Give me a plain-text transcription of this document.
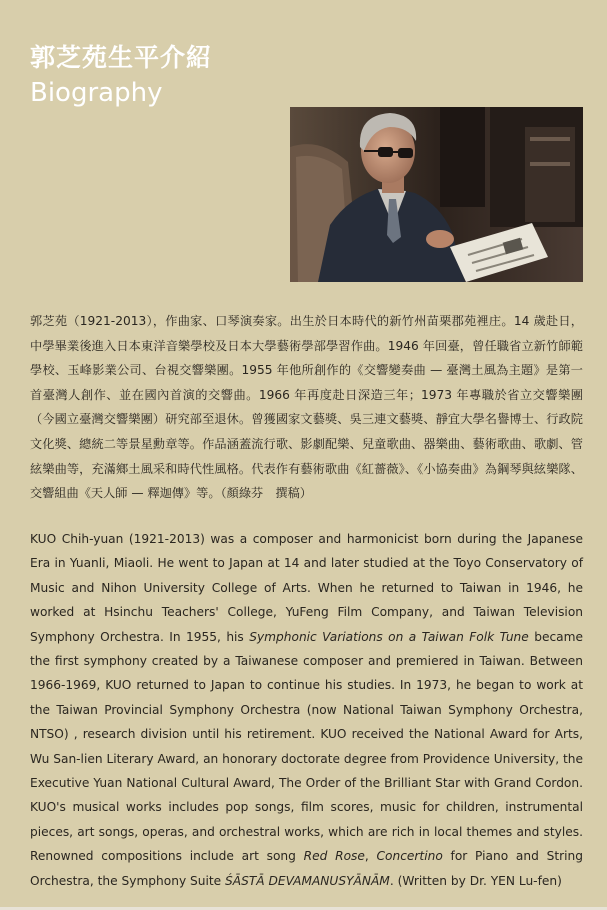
郭芝苑生平介紹
Biography

郭芝苑（1921-2013），作曲家、口琴演奏家。出生於日本時代的新竹州苗栗郡苑裡庄。14 歲赴日，中學畢業後進入日本東洋音樂學校及日本大學藝術學部學習作曲。1946 年回臺，曾任職省立新竹師範學校、玉峰影業公司、台視交響樂團。1955 年他所創作的《交響變奏曲 — 臺灣土風為主題》是第一首臺灣人創作、並在國內首演的交響曲。1966 年再度赴日深造三年；1973 年專職於省立交響樂團（今國立臺灣交響樂團）研究部至退休。曾獲國家文藝獎、吳三連文藝獎、靜宜大學名譽博士、行政院文化獎、總統二等景星勳章等。作品涵蓋流行歌、影劇配樂、兒童歌曲、器樂曲、藝術歌曲、歌劇、管絃樂曲等，充滿鄉土風采和時代性風格。代表作有藝術歌曲《紅薔薇》、《小協奏曲》為鋼琴與絃樂隊、交響組曲《天人師 — 釋迦傳》等。（顏綠芬　撰稿）

KUO Chih-yuan (1921-2013) was a composer and harmonicist born during the Japanese Era in Yuanli, Miaoli. He went to Japan at 14 and later studied at the Toyo Conservatory of Music and Nihon University College of Arts. When he returned to Taiwan in 1946, he worked at Hsinchu Teachers' College, YuFeng Film Company, and Taiwan Television Symphony Orchestra. In 1955, his Symphonic Variations on a Taiwan Folk Tune became the first symphony created by a Taiwanese composer and premiered in Taiwan. Between 1966-1969, KUO returned to Japan to continue his studies. In 1973, he began to work at the Taiwan Provincial Symphony Orchestra (now National Taiwan Symphony Orchestra, NTSO) , research division until his retirement. KUO received the National Award for Arts, Wu San-lien Literary Award, an honorary doctorate degree from Providence University, the Executive Yuan National Cultural Award, The Order of the Brilliant Star with Grand Cordon. KUO's musical works includes pop songs, film scores, music for children, instrumental pieces, art songs, operas, and orchestral works, which are rich in local themes and styles. Renowned compositions include art song Red Rose, Concertino for Piano and String Orchestra, the Symphony Suite ŚĀSTĀ DEVAMANUSYĀNĀM. (Written by Dr. YEN Lu-fen)
